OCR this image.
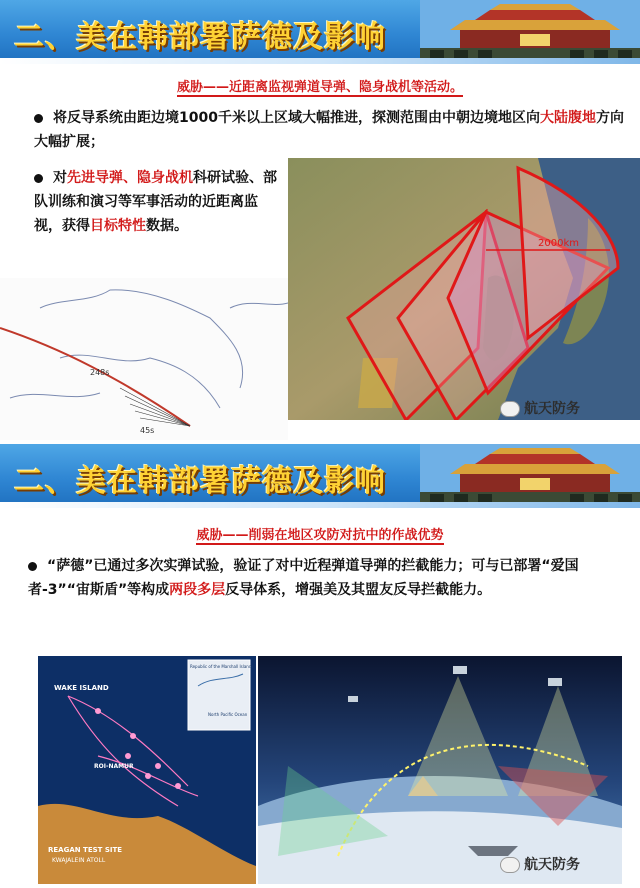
二、美在韩部署萨德及影响
威胁——近距离监视弹道导弹、隐身战机等活动。
将反导系统由距边境1000千米以上区域大幅推进，探测范围由中朝边境地区向大陆腹地方向大幅扩展；
对先进导弹、隐身战机科研试验、部队训练和演习等军事活动的近距离监视，获得目标特性数据。
2000km
248s
45s
航天防务
二、美在韩部署萨德及影响
威胁——削弱在地区攻防对抗中的作战优势
“萨德”已通过多次实弹试验，验证了对中近程弹道导弹的拦截能力；可与已部署“爱国者-3”“宙斯盾”等构成两段多层反导体系，增强美及其盟友反导拦截能力。
WAKE ISLAND
ROI-NAMUR
REAGAN TEST SITE
KWAJALEIN ATOLL
Republic of the Marshall Islands
North Pacific Ocean
航天防务
